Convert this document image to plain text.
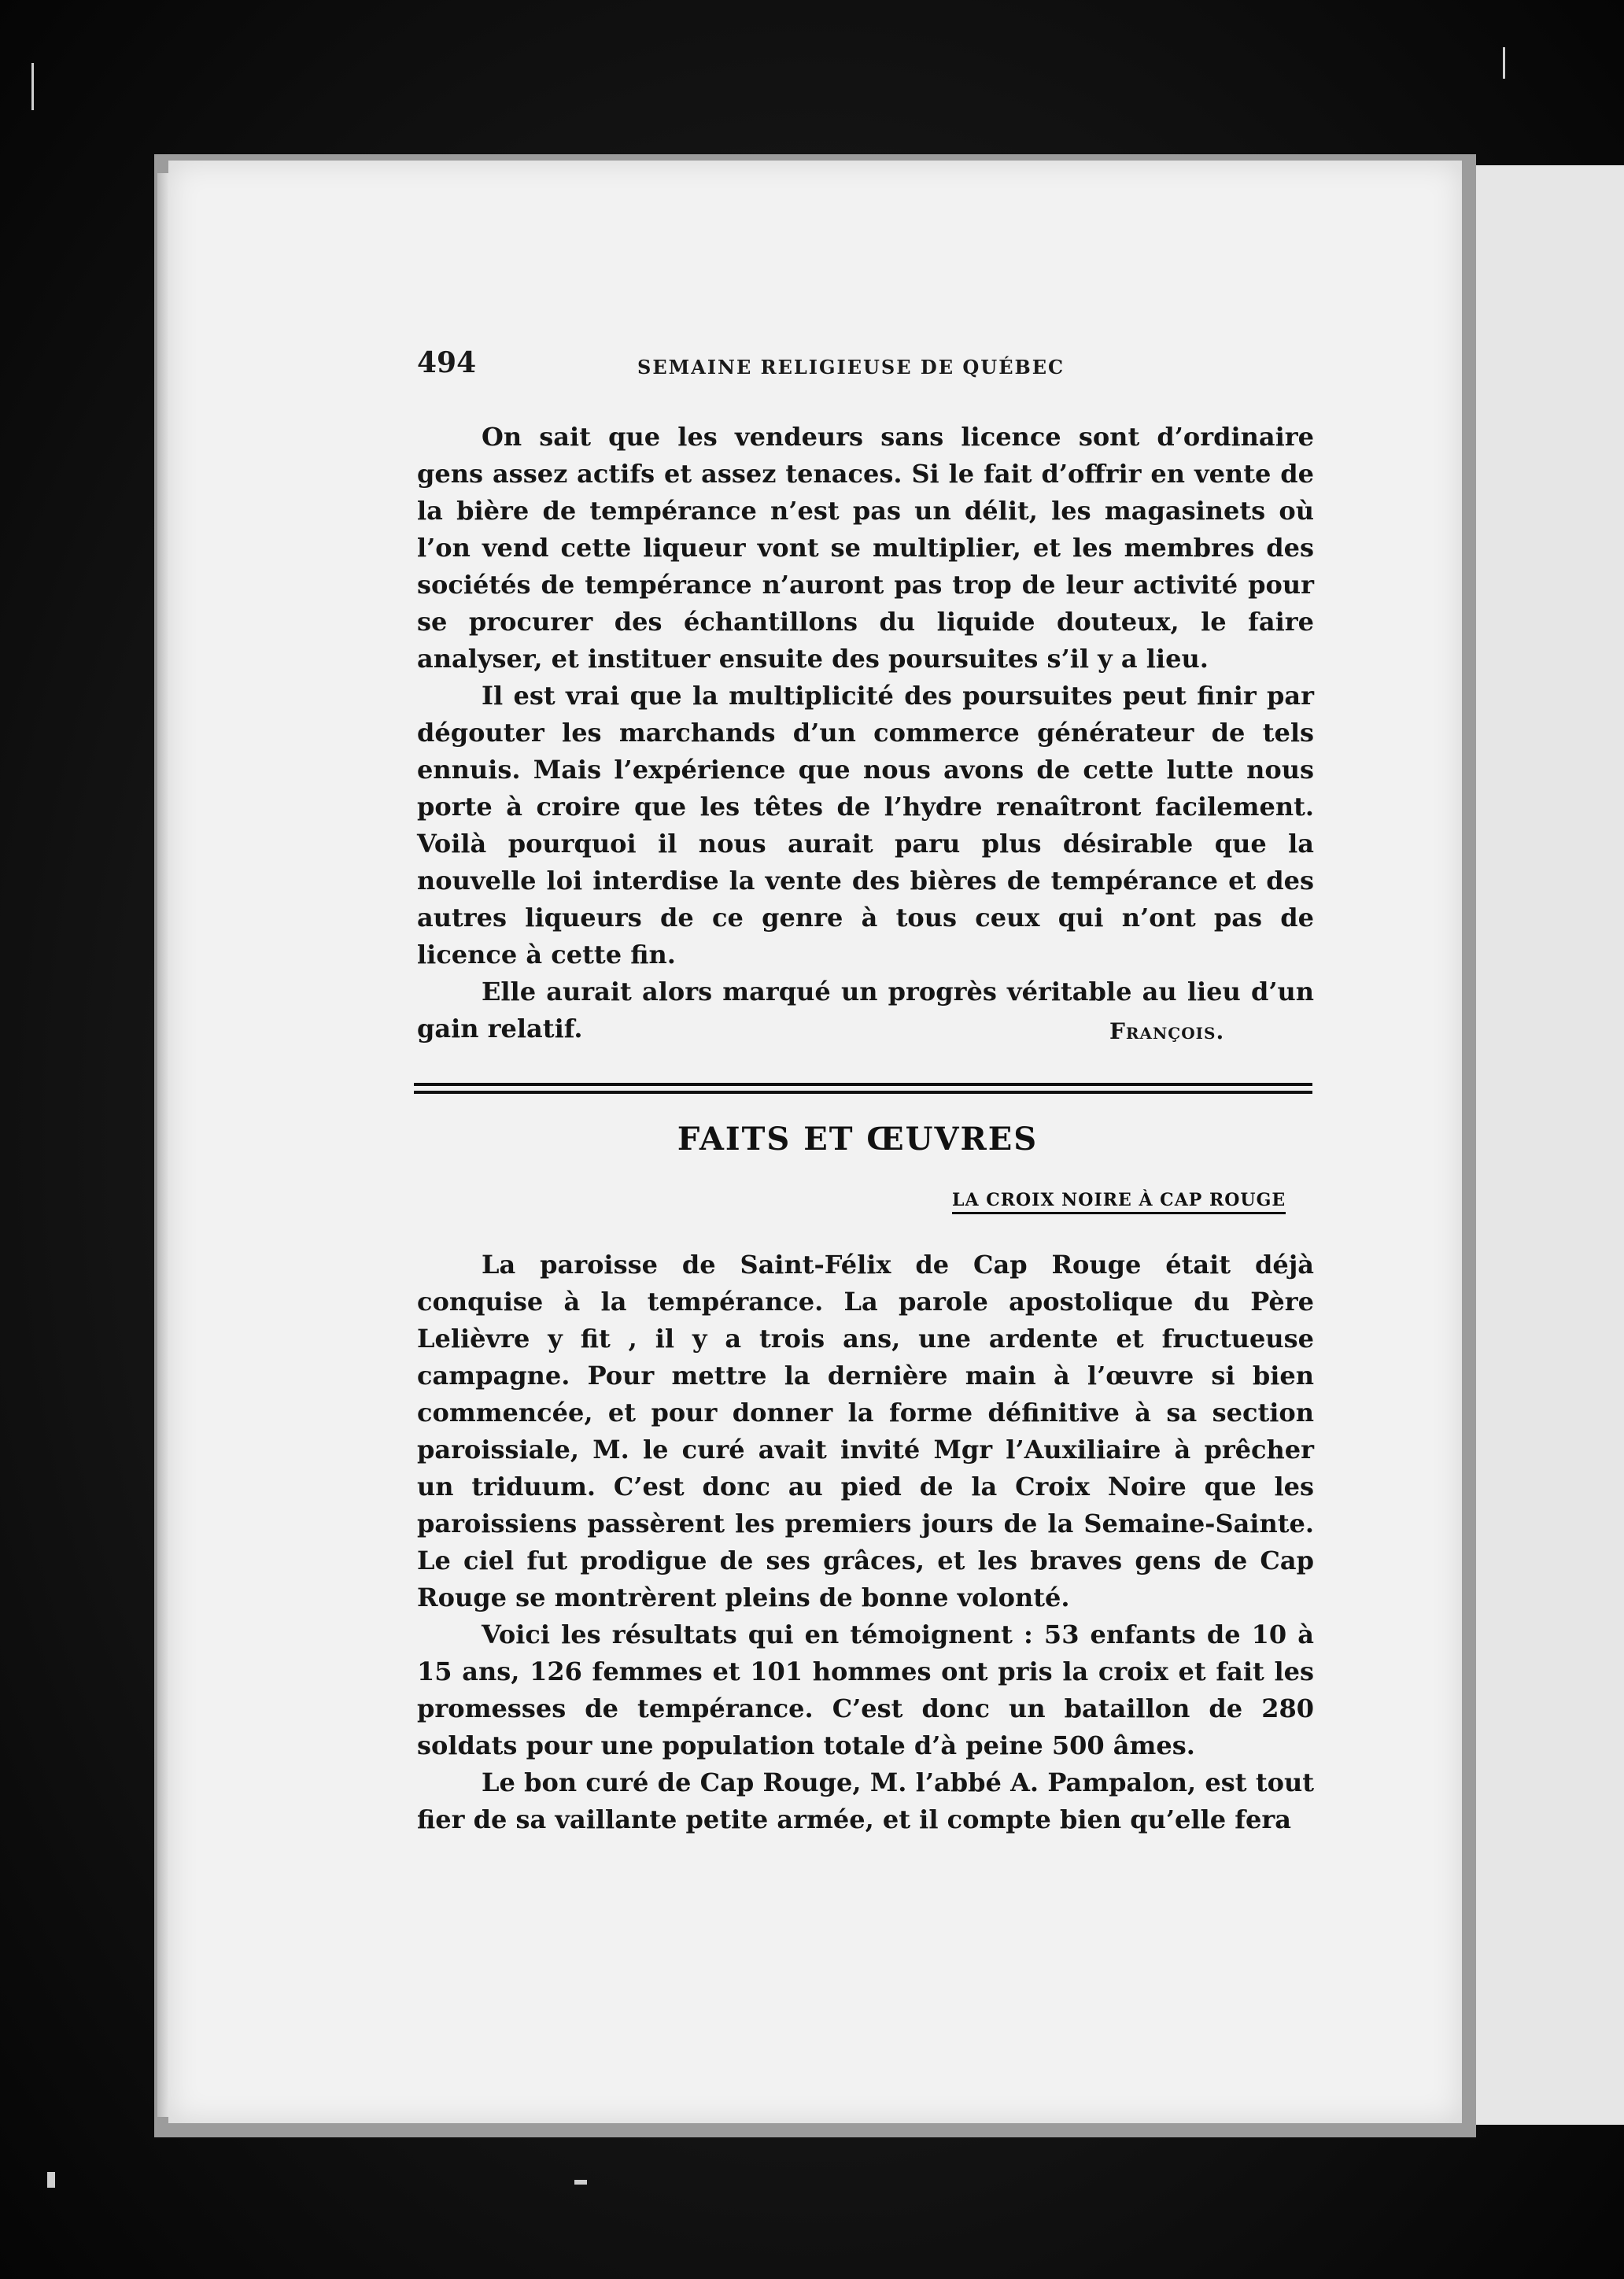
494	SEMAINE RELIGIEUSE DE QUÉBEC

On sait que les vendeurs sans licence sont d’ordinaire gens assez actifs et assez tenaces. Si le fait d’offrir en vente de la bière de tempérance n’est pas un délit, les magasinets où l’on vend cette liqueur vont se multiplier, et les membres des sociétés de tempérance n’auront pas trop de leur activité pour se procurer des échantillons du liquide douteux, le faire analyser, et instituer ensuite des poursuites s’il y a lieu.

Il est vrai que la multiplicité des poursuites peut finir par dégouter les marchands d’un commerce générateur de tels ennuis. Mais l’expérience que nous avons de cette lutte nous porte à croire que les têtes de l’hydre renaîtront facilement. Voilà pourquoi il nous aurait paru plus désirable que la nouvelle loi interdise la vente des bières de tempérance et des autres liqueurs de ce genre à tous ceux qui n’ont pas de licence à cette fin.

Elle aurait alors marqué un progrès véritable au lieu d’un gain relatif.	François.
FAITS ET ŒUVRES
LA CROIX NOIRE À CAP ROUGE

La paroisse de Saint-Félix de Cap Rouge était déjà conquise à la tempérance. La parole apostolique du Père Lelièvre y fit , il y a trois ans, une ardente et fructueuse campagne. Pour mettre la dernière main à l’œuvre si bien commencée, et pour donner la forme définitive à sa section paroissiale, M. le curé avait invité Mgr l’Auxiliaire à prêcher un triduum. C’est donc au pied de la Croix Noire que les paroissiens passèrent les premiers jours de la Semaine-Sainte. Le ciel fut prodigue de ses grâces, et les braves gens de Cap Rouge se montrèrent pleins de bonne volonté.

Voici les résultats qui en témoignent : 53 enfants de 10 à 15 ans, 126 femmes et 101 hommes ont pris la croix et fait les promesses de tempérance. C’est donc un bataillon de 280 soldats pour une population totale d’à peine 500 âmes.

Le bon curé de Cap Rouge, M. l’abbé A. Pampalon, est tout fier de sa vaillante petite armée, et il compte bien qu’elle fera
